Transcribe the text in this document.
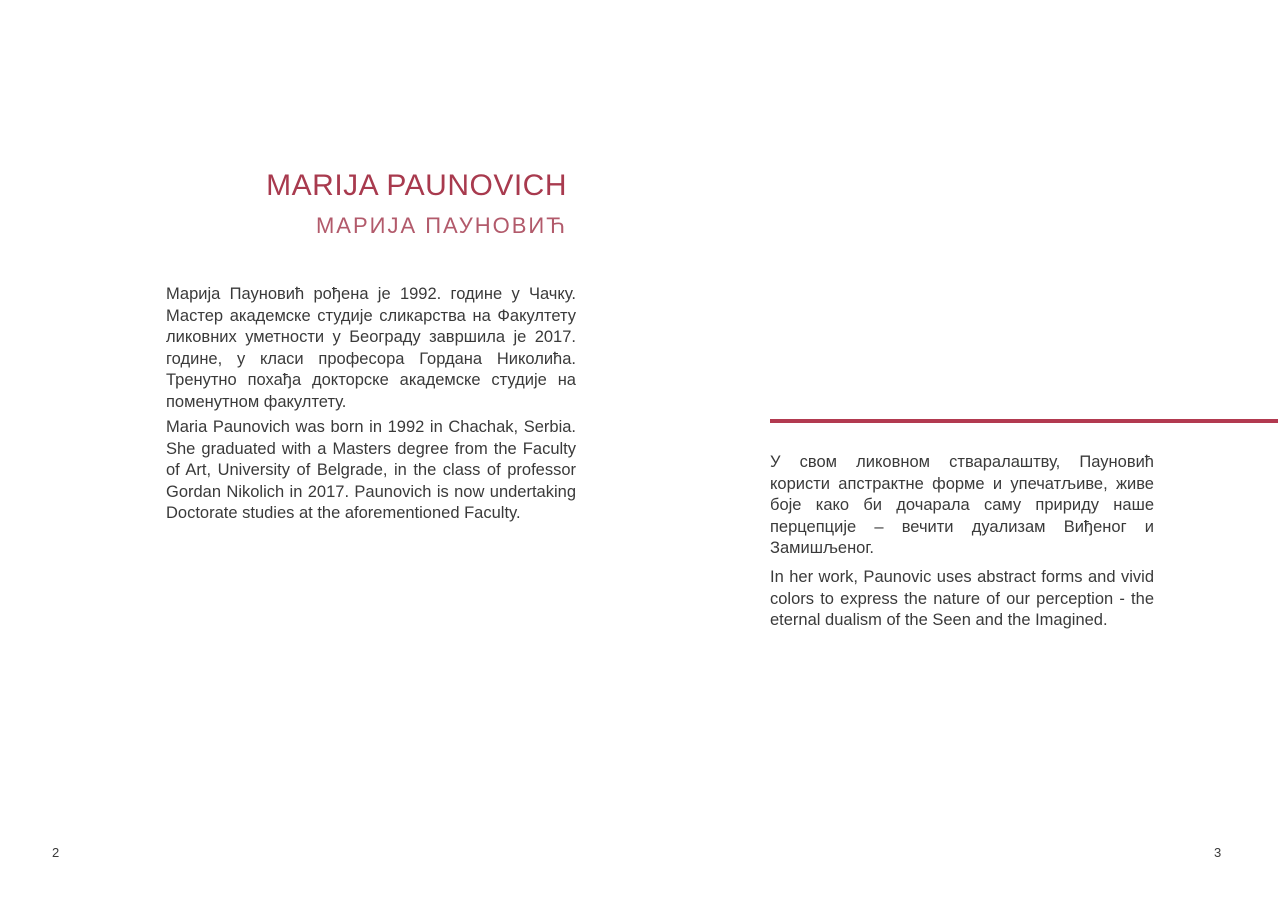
MARIJA PAUNOVICH
МАРИЈА ПАУНОВИЋ

Марија Пауновић рођена је 1992. године у Чачку. Мастер академске студије сликарства на Факултету ликовних уметности у Београду завршила је 2017. године, у класи професора Гордана Николића. Тренутно похађа докторске академске студије на поменутном факултету.

Maria Paunovich was born in 1992 in Chachak, Serbia. She graduated with a Masters degree from the Faculty of Art, University of Belgrade, in the class of professor Gordan Nikolich in 2017. Paunovich is now undertaking Doctorate studies at the aforementioned Faculty.

2

У свом ликовном стваралаштву, Пауновић користи апстрактне форме и упечатљиве, живе боје како би дочарала саму пририду наше перцепције – вечити дуализам Виђеног и Замишљеног.

In her work, Paunovic uses abstract forms and vivid colors to express the nature of our perception - the eternal dualism of the Seen and the Imagined.

3
